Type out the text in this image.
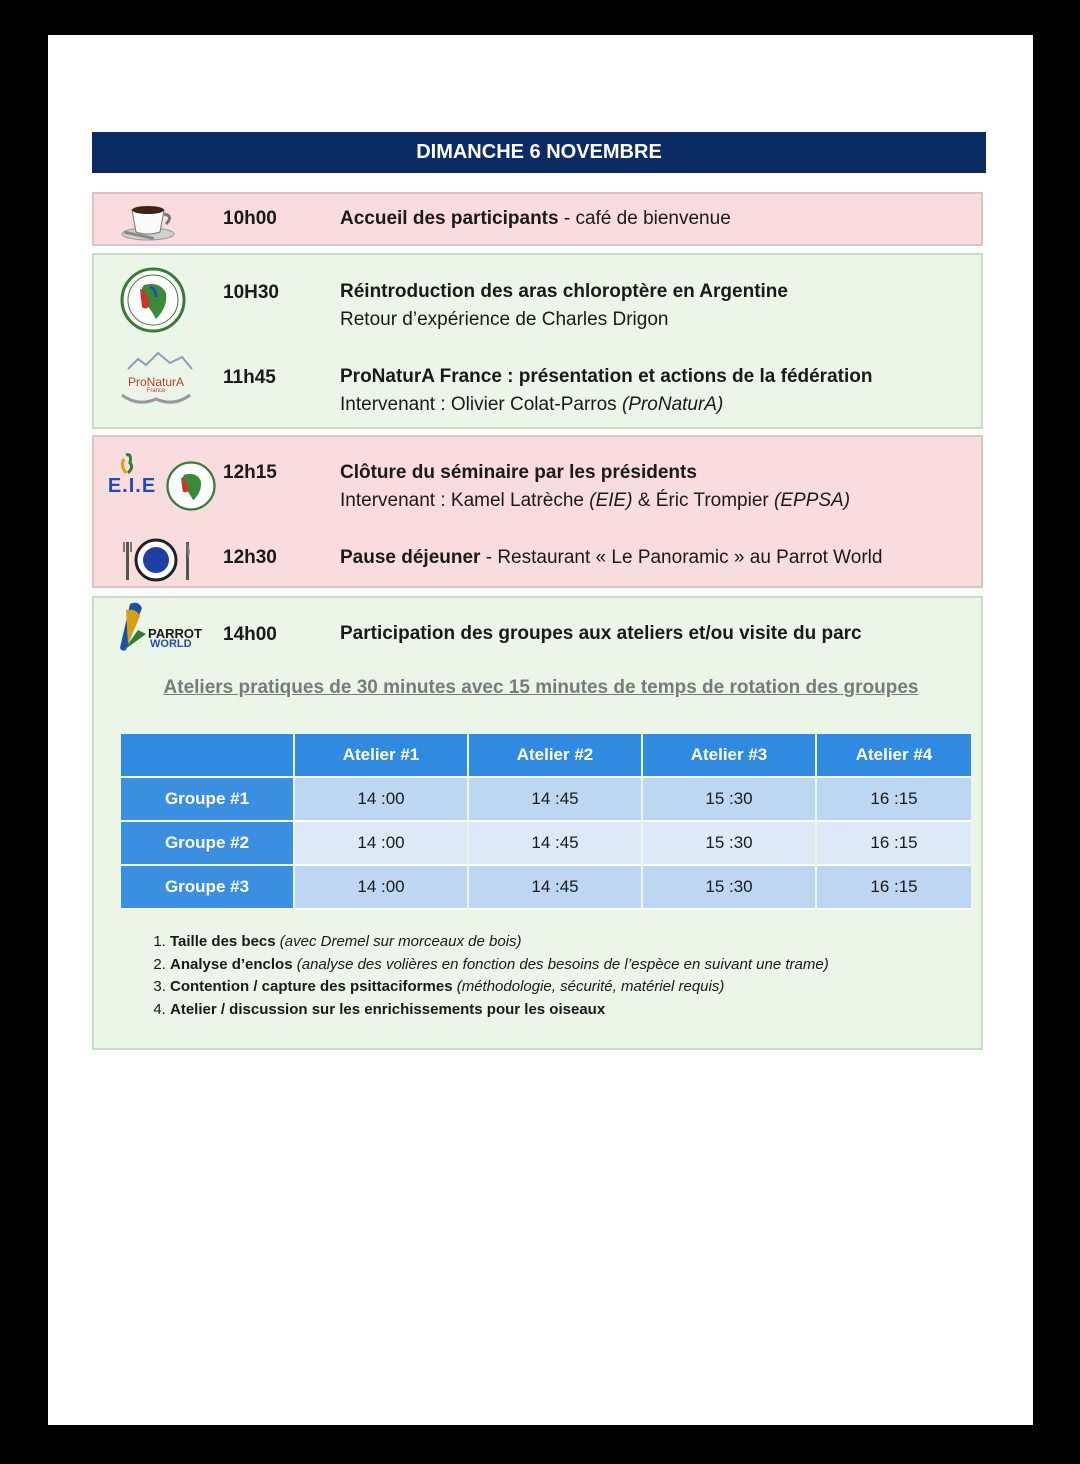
DIMANCHE 6 NOVEMBRE
10h00	Accueil des participants - café de bienvenue
10H30	Réintroduction des aras chloroptère en Argentine
Retour d’expérience de Charles Drigon
ProNaturA
France
11h45	ProNaturA France : présentation et actions de la fédération
Intervenant : Olivier Colat-Parros (ProNaturA)
E.I.E
12h15	Clôture du séminaire par les présidents
Intervenant : Kamel Latrèche (EIE) & Éric Trompier (EPPSA)
12h30	Pause déjeuner - Restaurant « Le Panoramic » au Parrot World
PARROT
WORLD 14h00	Participation des groupes aux ateliers et/ou visite du parc
Ateliers pratiques de 30 minutes avec 15 minutes de temps de rotation des groupes
	Atelier #1	Atelier #2	Atelier #3	Atelier #4
Groupe #1	14 :00	14 :45	15 :30	16 :15
Groupe #2	14 :00	14 :45	15 :30	16 :15
Groupe #3	14 :00	14 :45	15 :30	16 :15
1. Taille des becs (avec Dremel sur morceaux de bois)
2. Analyse d’enclos (analyse des volières en fonction des besoins de l’espèce en suivant une trame)
3. Contention / capture des psittaciformes (méthodologie, sécurité, matériel requis)
4. Atelier / discussion sur les enrichissements pour les oiseaux
